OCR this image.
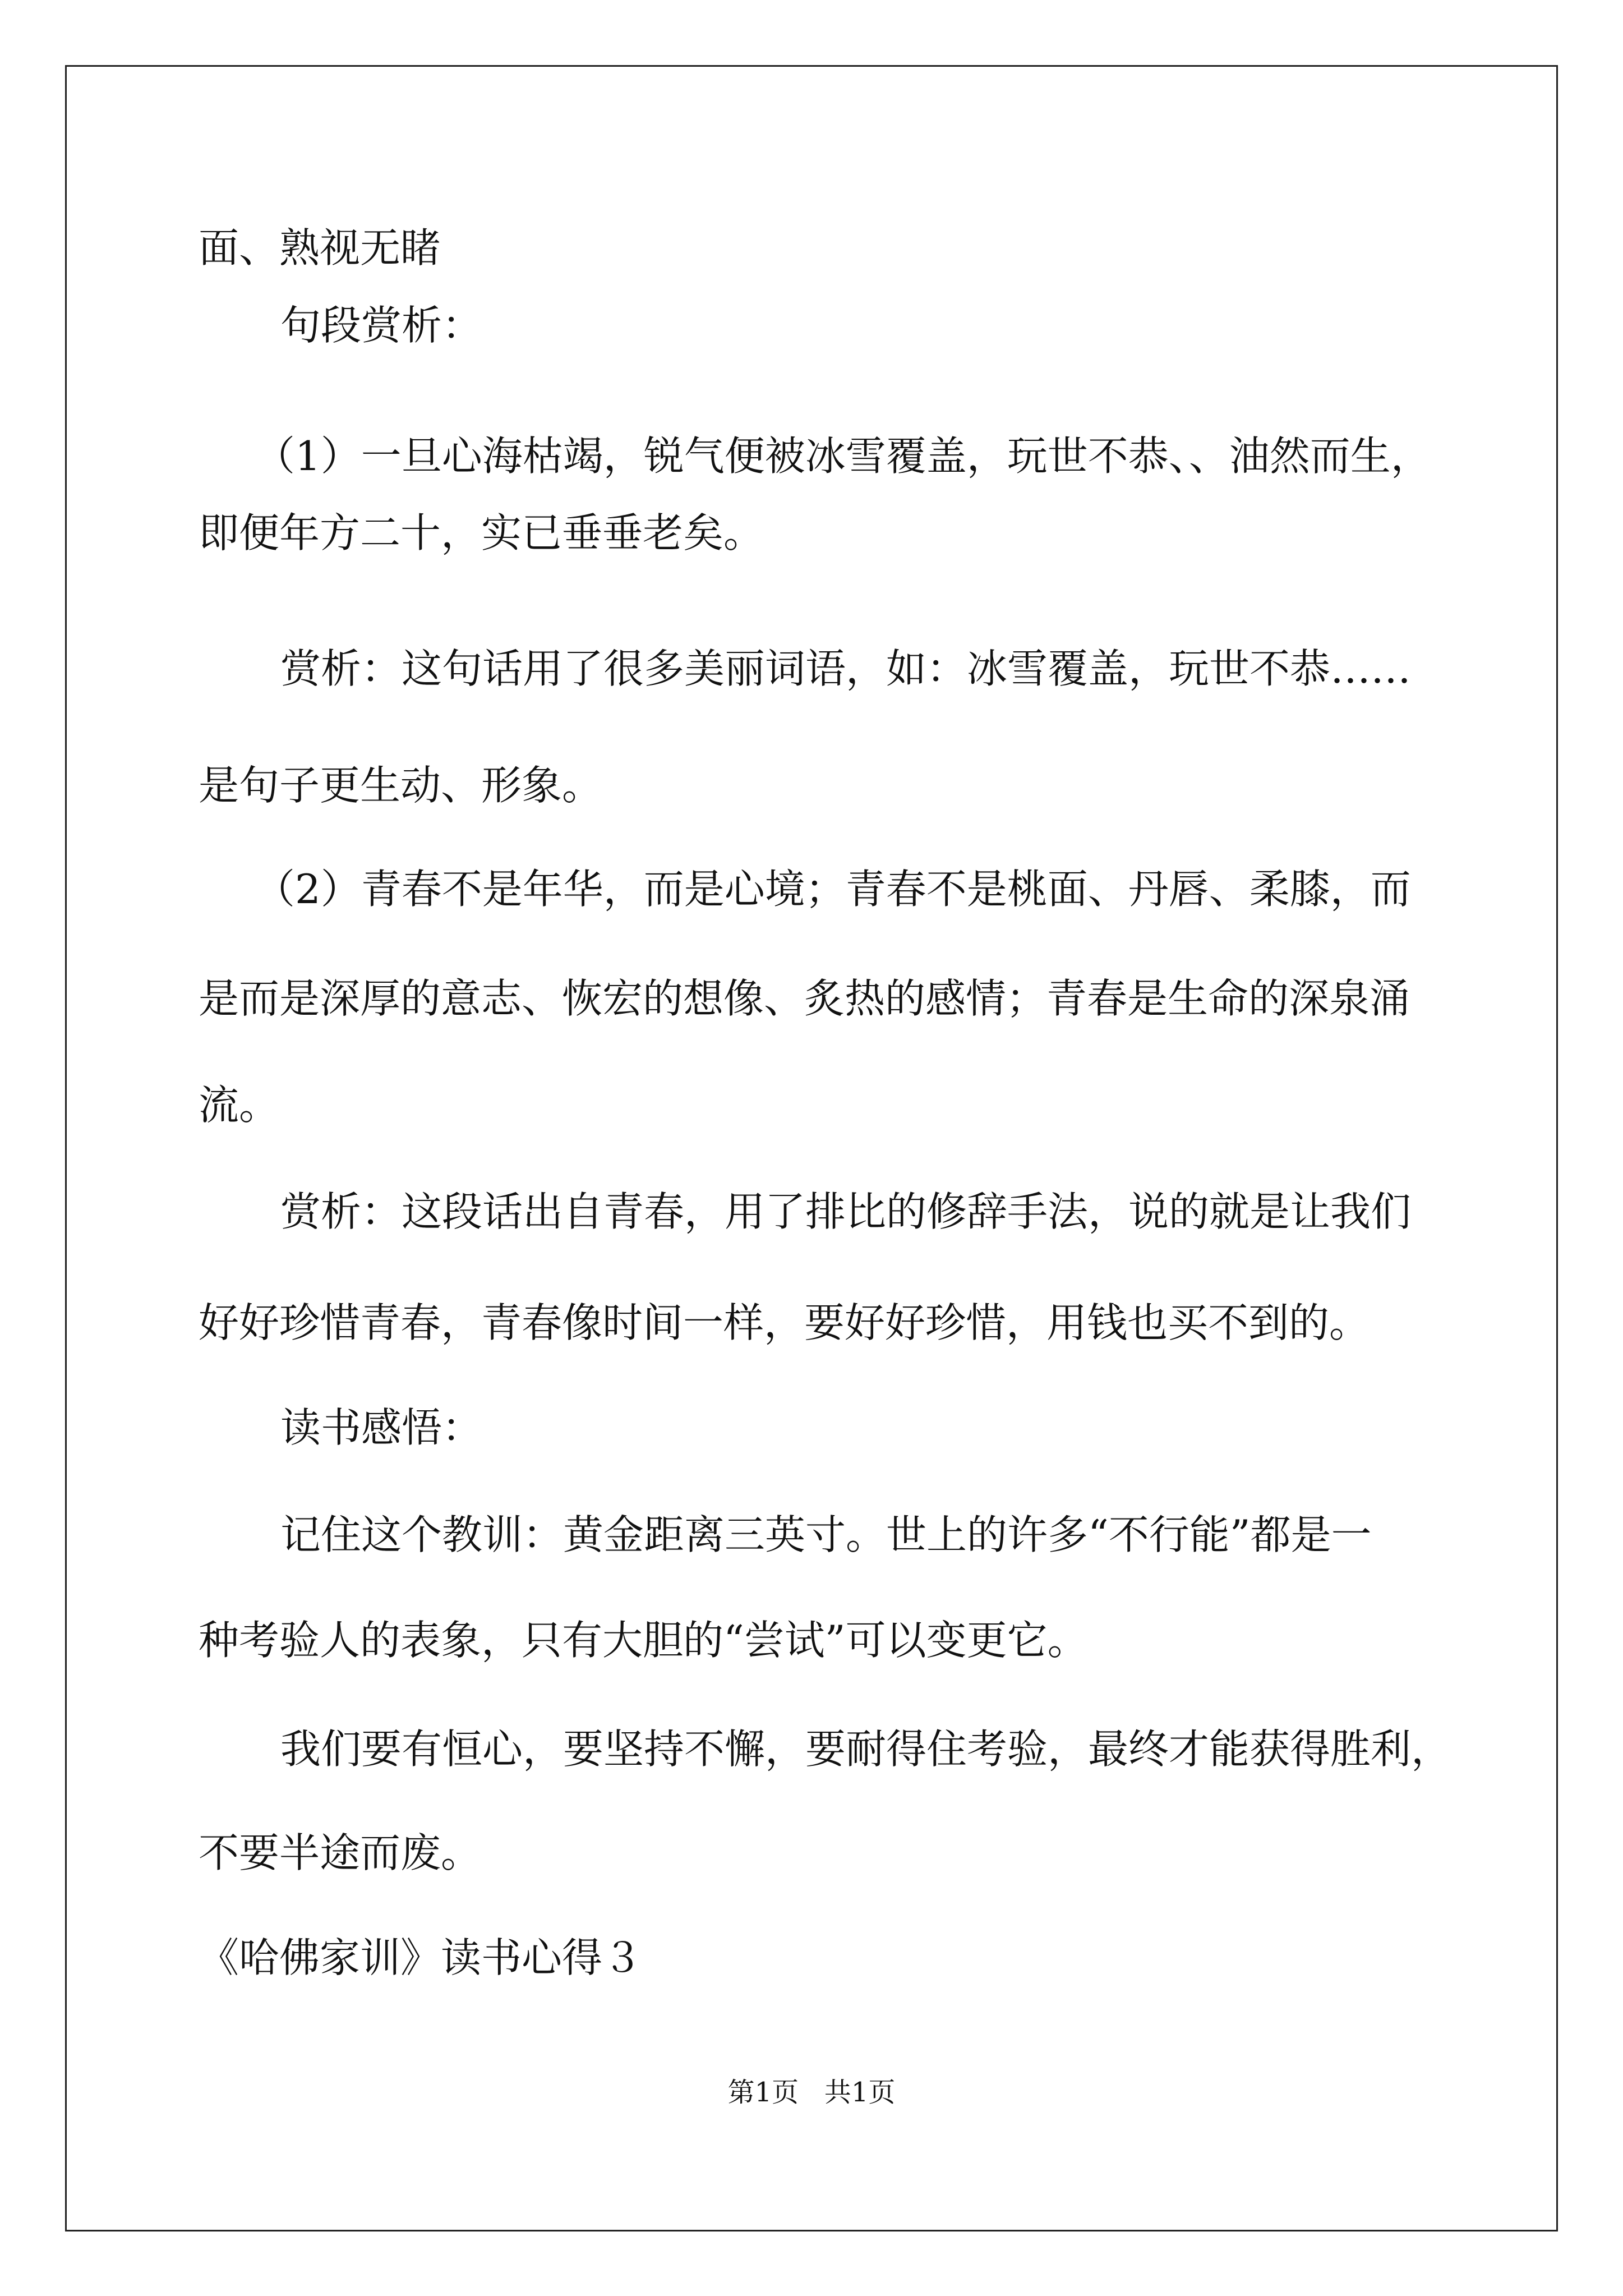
面、熟视无睹
句段赏析：
（1）一旦心海枯竭，锐气便被冰雪覆盖，玩世不恭、、油然而生，
即便年方二十，实已垂垂老矣。
赏析：这句话用了很多美丽词语，如：冰雪覆盖，玩世不恭……
是句子更生动、形象。
（2）青春不是年华，而是心境；青春不是桃面、丹唇、柔膝，而
是而是深厚的意志、恢宏的想像、炙热的感情；青春是生命的深泉涌
流。
赏析：这段话出自青春，用了排比的修辞手法，说的就是让我们
好好珍惜青春，青春像时间一样，要好好珍惜，用钱也买不到的。
读书感悟：
记住这个教训：黄金距离三英寸。世上的许多“不行能”都是一
种考验人的表象，只有大胆的“尝试”可以变更它。
我们要有恒心，要坚持不懈，要耐得住考验，最终才能获得胜利，
不要半途而废。
《哈佛家训》读书心得３
第1页   共1页
